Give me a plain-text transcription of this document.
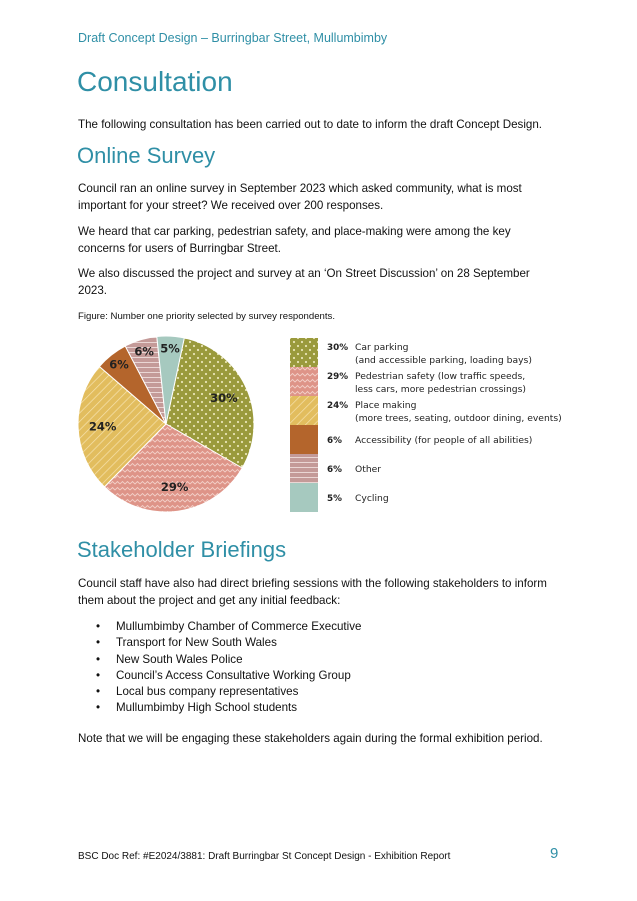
Draft Concept Design – Burringbar Street, Mullumbimby
Consultation

The following consultation has been carried out to date to inform the draft Concept Design.

Online Survey

Council ran an online survey in September 2023 which asked community, what is most important for your street? We received over 200 responses.

We heard that car parking, pedestrian safety, and place-making were among the key concerns for users of Burringbar Street.

We also discussed the project and survey at an ‘On Street Discussion’ on 28 September 2023.

Figure: Number one priority selected by survey respondents.

30%
29%
24%
6%
6% 5%	30% Car parking
(and accessible parking, loading bays)
29% Pedestrian safety (low traffic speeds,
less cars, more pedestrian crossings)
24% Place making
(more trees, seating, outdoor dining, events)
6% Accessibility (for people of all abilities)
6% Other
5% Cycling
Stakeholder Briefings

Council staff have also had direct briefing sessions with the following stakeholders to inform them about the project and get any initial feedback:

• Mullumbimby Chamber of Commerce Executive
• Transport for New South Wales
• New South Wales Police
• Council’s Access Consultative Working Group
• Local bus company representatives
• Mullumbimby High School students

Note that we will be engaging these stakeholders again during the formal exhibition period.

BSC Doc Ref: #E2024/3881: Draft Burringbar St Concept Design - Exhibition Report	9
